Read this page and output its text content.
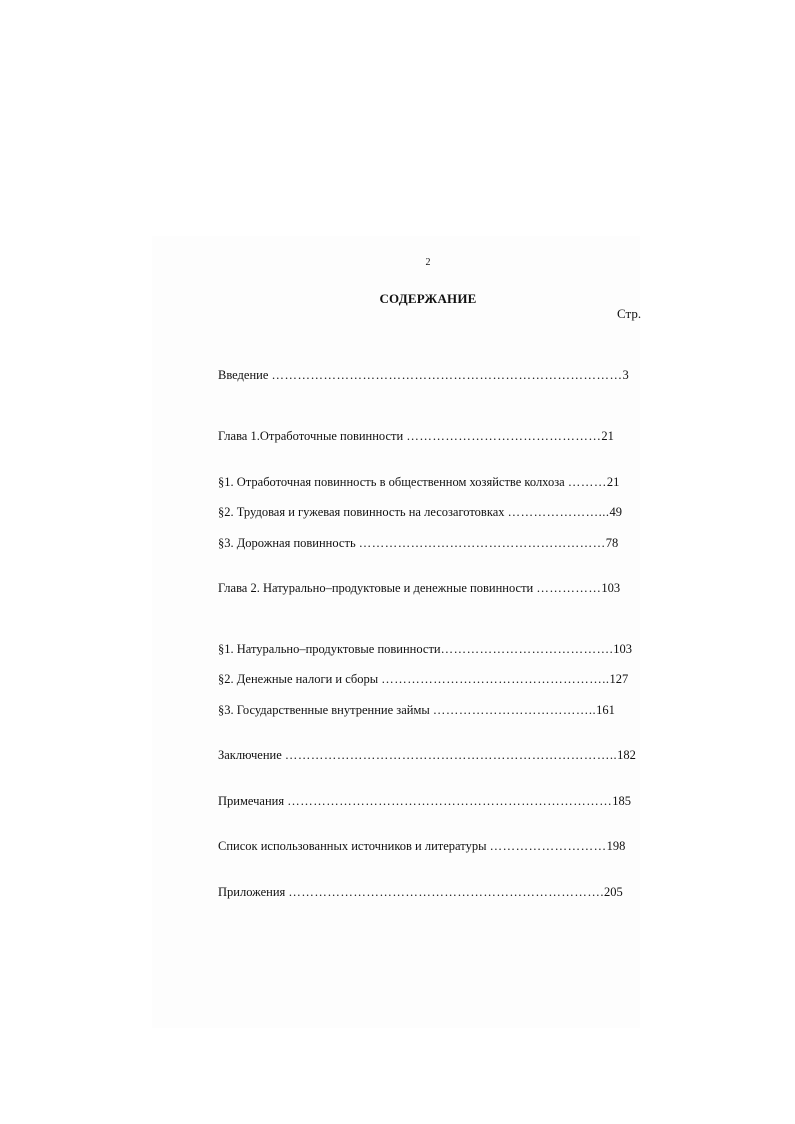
2
СОДЕРЖАНИЕ
Стр.
Введение ………………………………………………………………………3
Глава 1.Отработочные повинности ………………………………………21
§1. Отработочная повинность в общественном хозяйстве колхоза ………21
§2. Трудовая и гужевая повинность на лесозаготовках …………………...49
§3. Дорожная повинность …………………………………………………78
Глава 2. Натурально–продуктовые и денежные повинности ……………103
§1. Натурально–продуктовые повинности………………………………….103
§2. Денежные налоги и сборы ……………………………………………..127
§3. Государственные внутренние займы ………………………………..161
Заключение …………………………………………………………………..182
Примечания …………………………………………………………………185
Список использованных источников и литературы ………………………198
Приложения ……………………………………………………………….205
